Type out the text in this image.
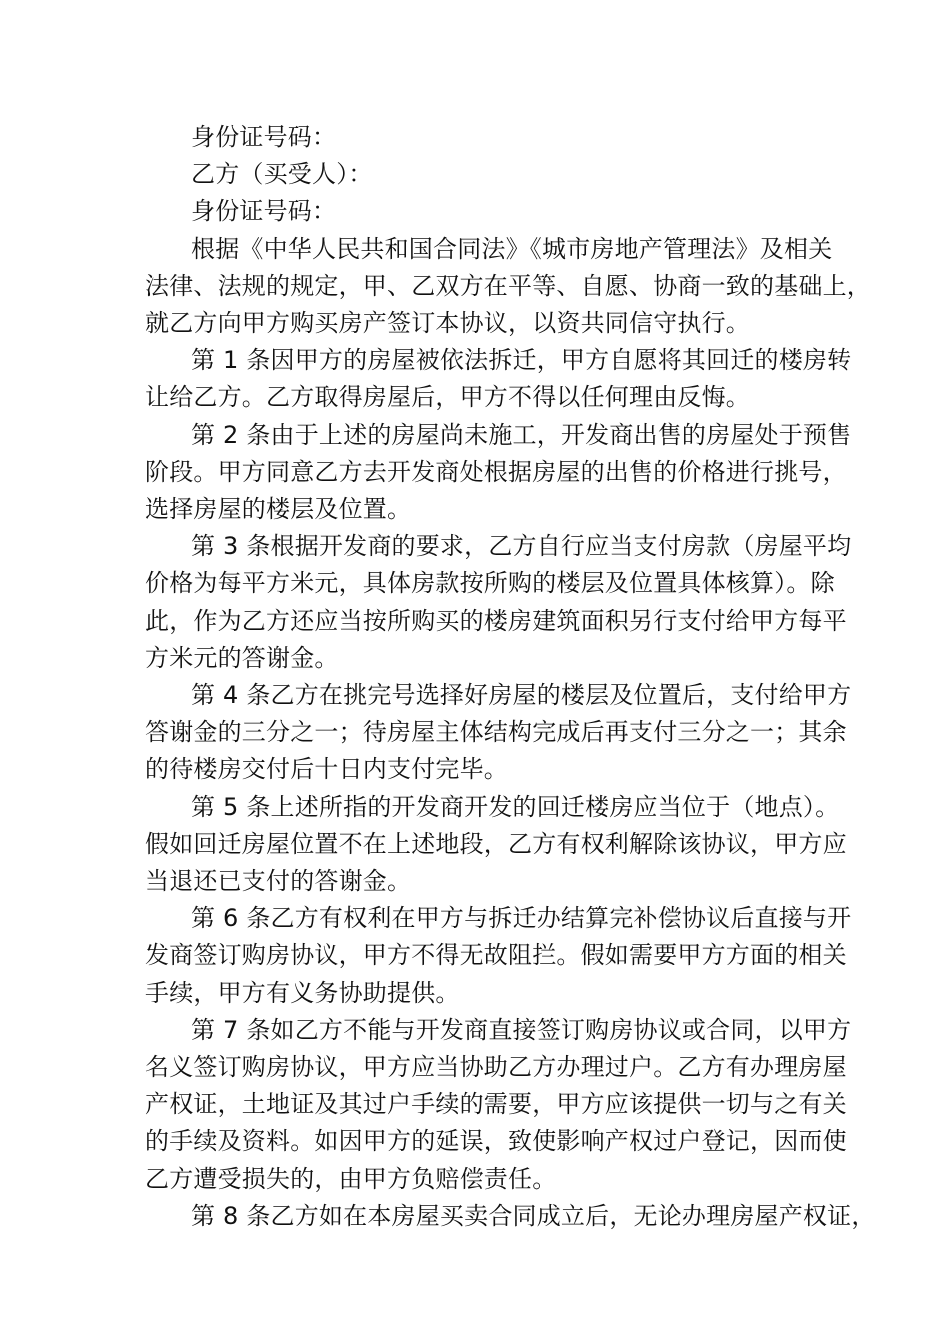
身份证号码：
乙方（买受人）：
身份证号码：
根据《中华人民共和国合同法》《城市房地产管理法》及相关
法律、法规的规定，甲、乙双方在平等、自愿、协商一致的基础上，
就乙方向甲方购买房产签订本协议，以资共同信守执行。
第 1 条因甲方的房屋被依法拆迁，甲方自愿将其回迁的楼房转
让给乙方。乙方取得房屋后，甲方不得以任何理由反悔。
第 2 条由于上述的房屋尚未施工，开发商出售的房屋处于预售
阶段。甲方同意乙方去开发商处根据房屋的出售的价格进行挑号，
选择房屋的楼层及位置。
第 3 条根据开发商的要求，乙方自行应当支付房款（房屋平均
价格为每平方米元，具体房款按所购的楼层及位置具体核算）。除
此，作为乙方还应当按所购买的楼房建筑面积另行支付给甲方每平
方米元的答谢金。
第 4 条乙方在挑完号选择好房屋的楼层及位置后，支付给甲方
答谢金的三分之一；待房屋主体结构完成后再支付三分之一；其余
的待楼房交付后十日内支付完毕。
第 5 条上述所指的开发商开发的回迁楼房应当位于（地点）。
假如回迁房屋位置不在上述地段，乙方有权利解除该协议，甲方应
当退还已支付的答谢金。
第 6 条乙方有权利在甲方与拆迁办结算完补偿协议后直接与开
发商签订购房协议，甲方不得无故阻拦。假如需要甲方方面的相关
手续，甲方有义务协助提供。
第 7 条如乙方不能与开发商直接签订购房协议或合同，以甲方
名义签订购房协议，甲方应当协助乙方办理过户。乙方有办理房屋
产权证，土地证及其过户手续的需要，甲方应该提供一切与之有关
的手续及资料。如因甲方的延误，致使影响产权过户登记，因而使
乙方遭受损失的，由甲方负赔偿责任。
第 8 条乙方如在本房屋买卖合同成立后，无论办理房屋产权证，
